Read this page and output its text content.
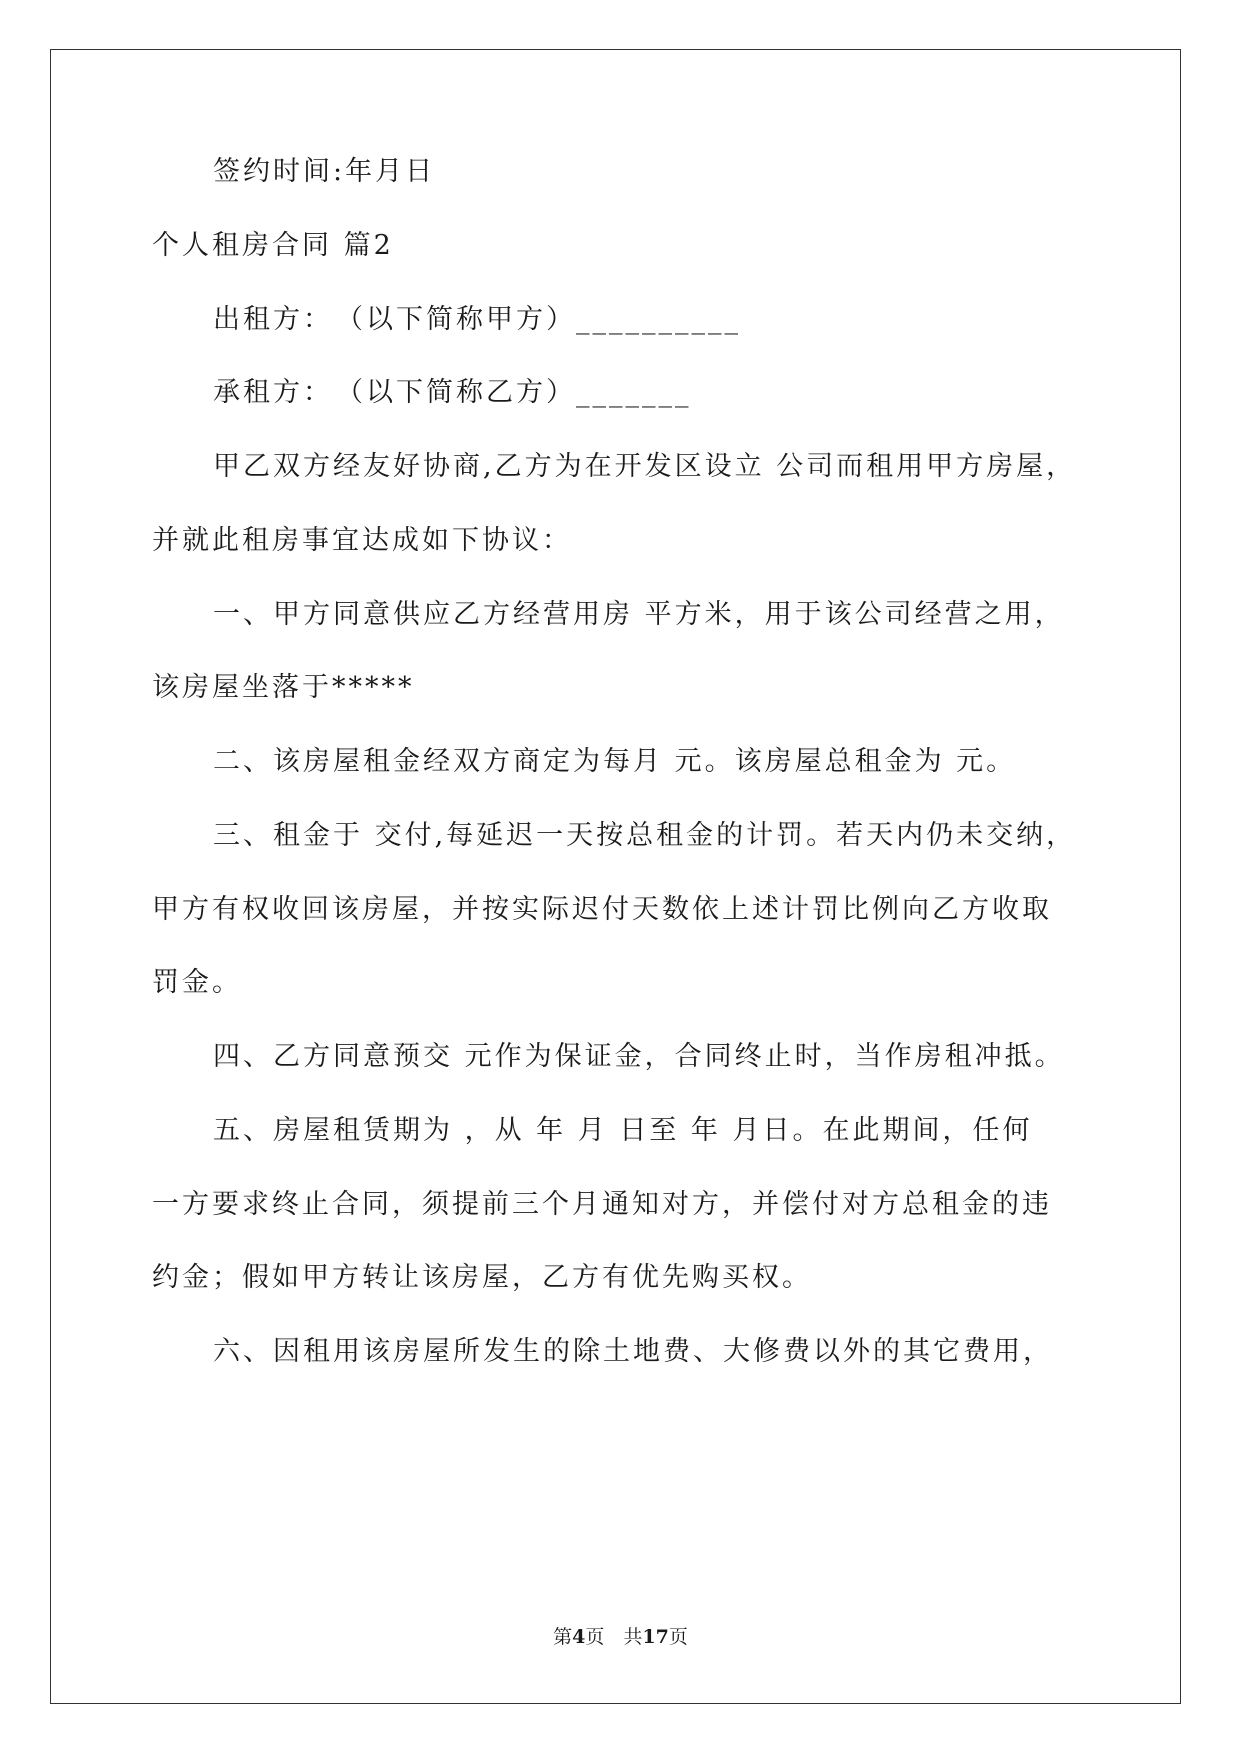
签约时间:年月日
个人租房合同 篇2
出租方：　（以下简称甲方）__________
承租方：　（以下简称乙方）_______
甲乙双方经友好协商,乙方为在开发区设立 公司而租用甲方房屋，
并就此租房事宜达成如下协议：
一、甲方同意供应乙方经营用房 平方米，用于该公司经营之用，
该房屋坐落于*****
二、该房屋租金经双方商定为每月 元。该房屋总租金为 元。
三、租金于 交付,每延迟一天按总租金的计罚。若天内仍未交纳，
甲方有权收回该房屋，并按实际迟付天数依上述计罚比例向乙方收取
罚金。
四、乙方同意预交 元作为保证金，合同终止时，当作房租冲抵。
五、房屋租赁期为 ，从 年 月 日至 年 月日。在此期间，任何
一方要求终止合同，须提前三个月通知对方，并偿付对方总租金的违
约金；假如甲方转让该房屋，乙方有优先购买权。
六、因租用该房屋所发生的除土地费、大修费以外的其它费用，
第4页　共17页
